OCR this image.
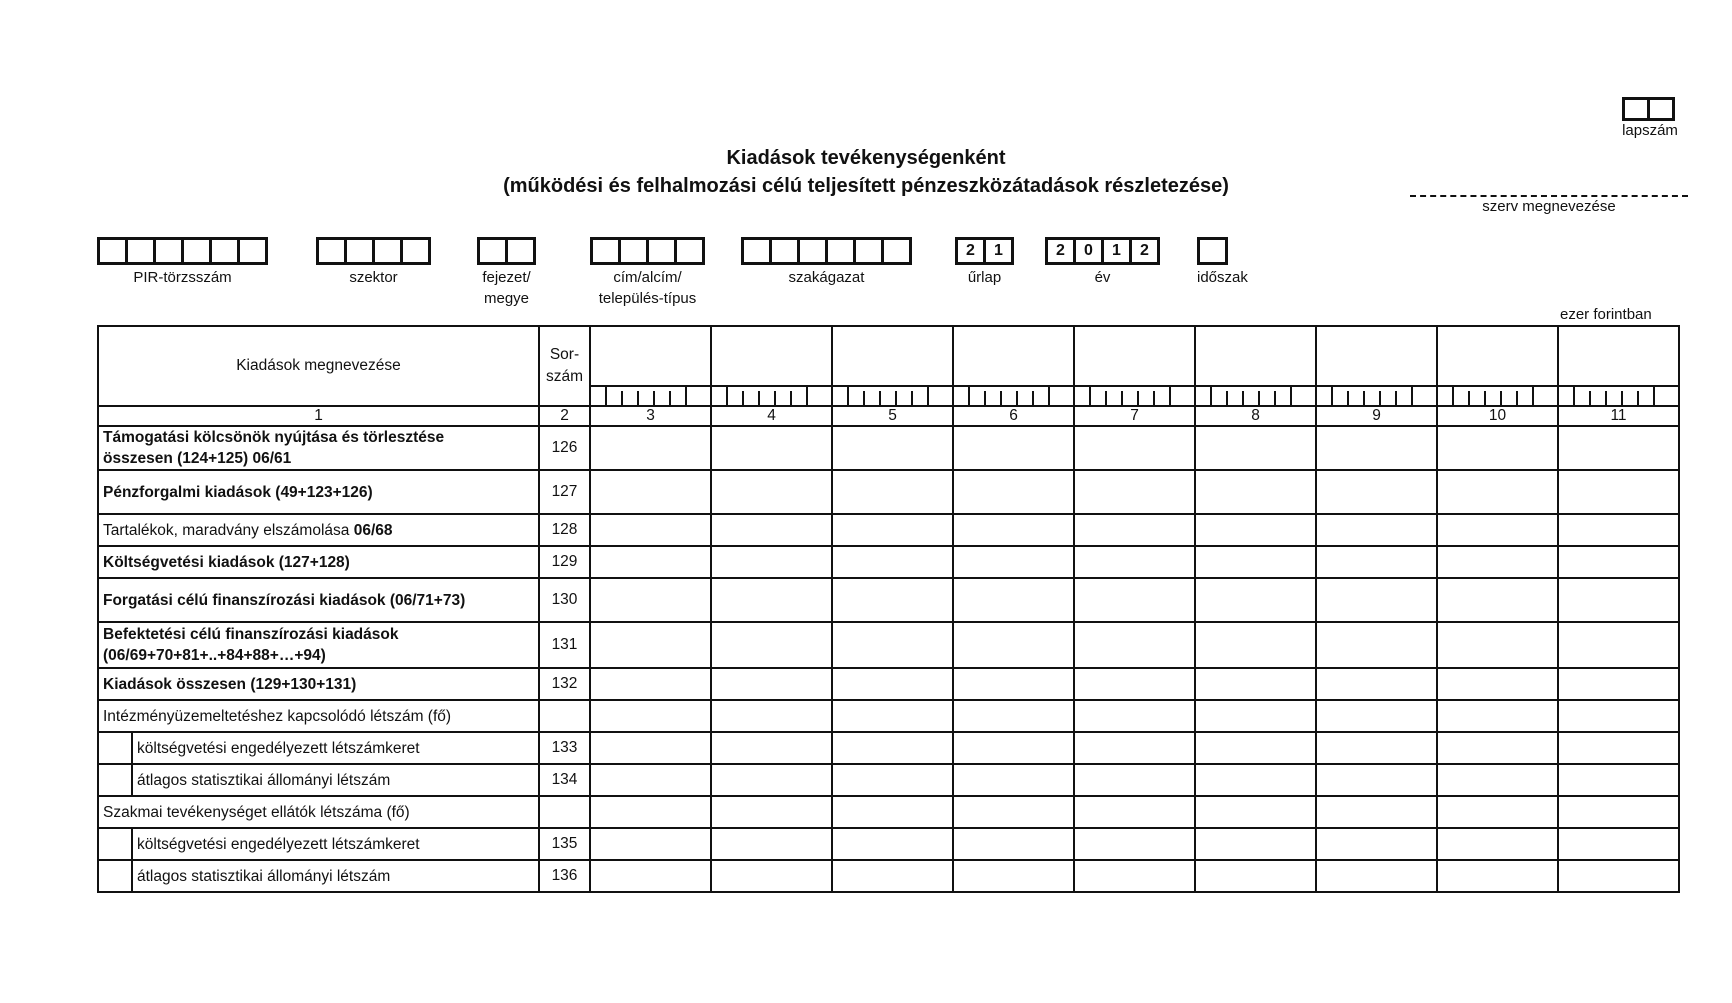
Kiadások tevékenységenként
(működési és felhalmozási célú teljesített pénzeszközátadások részletezése)
lapszám
szerv megnevezése
PIR-törzsszám	szektor	fejezet/
megye
cím/alcím/
település-típus
szakágazat
2	1
űrlap
2	0	1	2
év	időszak
ezer forintban
Kiadások megnevezése	Sor-
szám									

1	2	3	4	5	6	7	8	9	10	11
Támogatási kölcsönök nyújtása és törlesztése
összesen (124+125) 06/61	126									
Pénzforgalmi kiadások (49+123+126)	127									
Tartalékok, maradvány elszámolása 06/68	128									
Költségvetési kiadások (127+128)	129									
Forgatási célú finanszírozási kiadások (06/71+73)	130									
Befektetési célú finanszírozási kiadások
(06/69+70+81+..+84+88+…+94)	131									
Kiadások összesen (129+130+131)	132									
Intézményüzemeltetéshez kapcsolódó létszám (fő)										

költségvetési engedélyezett létszámkeret	133									

átlagos statisztikai állományi létszám	134									
Szakmai tevékenységet ellátók létszáma (fő)										

költségvetési engedélyezett létszámkeret	135									

átlagos statisztikai állományi létszám	136									
